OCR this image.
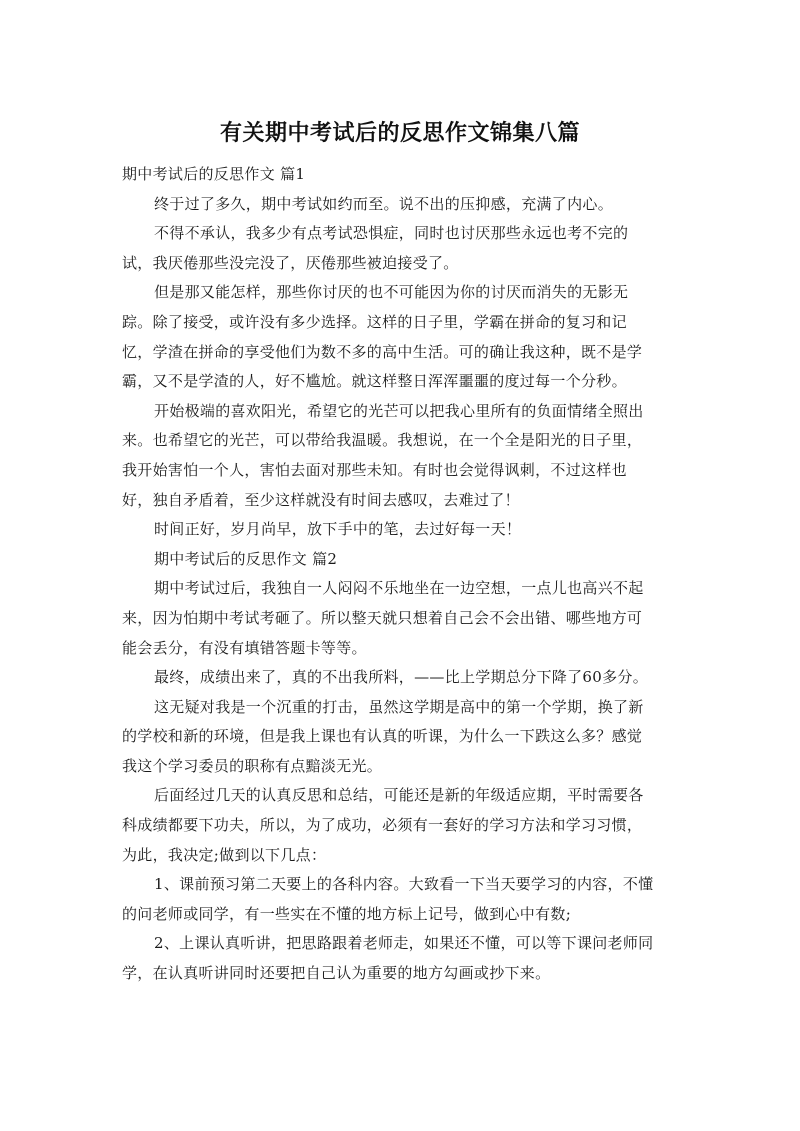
有关期中考试后的反思作文锦集八篇
期中考试后的反思作文 篇1
终于过了多久，期中考试如约而至。说不出的压抑感，充满了内心。
不得不承认，我多少有点考试恐惧症，同时也讨厌那些永远也考不完的
试，我厌倦那些没完没了，厌倦那些被迫接受了。
但是那又能怎样，那些你讨厌的也不可能因为你的讨厌而消失的无影无
踪。除了接受，或许没有多少选择。这样的日子里，学霸在拼命的复习和记
忆，学渣在拼命的享受他们为数不多的高中生活。可的确让我这种，既不是学
霸，又不是学渣的人，好不尴尬。就这样整日浑浑噩噩的度过每一个分秒。
开始极端的喜欢阳光，希望它的光芒可以把我心里所有的负面情绪全照出
来。也希望它的光芒，可以带给我温暖。我想说，在一个全是阳光的日子里，
我开始害怕一个人，害怕去面对那些未知。有时也会觉得讽刺，不过这样也
好，独自矛盾着，至少这样就没有时间去感叹，去难过了！
时间正好，岁月尚早，放下手中的笔，去过好每一天！
期中考试后的反思作文 篇2
期中考试过后，我独自一人闷闷不乐地坐在一边空想，一点儿也高兴不起
来，因为怕期中考试考砸了。所以整天就只想着自己会不会出错、哪些地方可
能会丢分，有没有填错答题卡等等。
最终，成绩出来了，真的不出我所料，——比上学期总分下降了60多分。
这无疑对我是一个沉重的打击，虽然这学期是高中的第一个学期，换了新
的学校和新的环境，但是我上课也有认真的听课，为什么一下跌这么多？感觉
我这个学习委员的职称有点黯淡无光。
后面经过几天的认真反思和总结，可能还是新的年级适应期，平时需要各
科成绩都要下功夫，所以，为了成功，必须有一套好的学习方法和学习习惯，
为此，我决定;做到以下几点：
1、课前预习第二天要上的各科内容。大致看一下当天要学习的内容，不懂
的问老师或同学，有一些实在不懂的地方标上记号，做到心中有数;
2、上课认真听讲，把思路跟着老师走，如果还不懂，可以等下课问老师同
学，在认真听讲同时还要把自己认为重要的地方勾画或抄下来。
